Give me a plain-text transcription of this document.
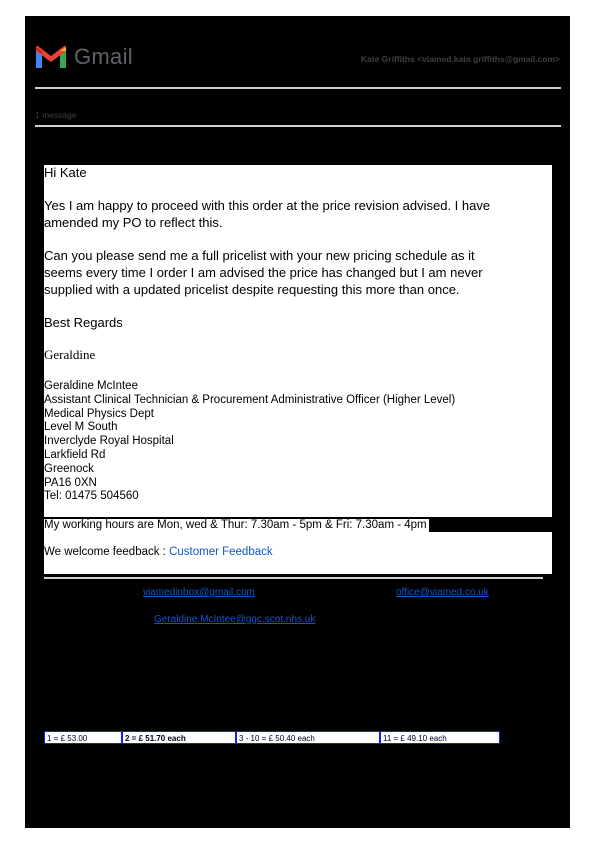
Gmail	Kate Griffiths <viamed.kate.griffiths@gmail.com>
1 message
Hi Kate
Yes I am happy to proceed with this order at the price revision advised. I have
amended my PO to reflect this.
Can you please send me a full pricelist with your new pricing schedule as it
seems every time I order I am advised the price has changed but I am never
supplied with a updated pricelist despite requesting this more than once.
Best Regards
Geraldine
Geraldine McIntee
Assistant Clinical Technician & Procurement Administrative Officer (Higher Level)
Medical Physics Dept
Level M South
Inverclyde Royal Hospital
Larkfield Rd
Greenock
PA16 0XN
Tel: 01475 504560
My working hours are Mon, wed & Thur: 7.30am - 5pm & Fri: 7.30am - 4pm
We welcome feedback : Customer Feedback
viamedinbox@gmail.com	office@viamed.co.uk
Geraldine.McIntee@ggc.scot.nhs.uk
1 = £ 53.00	2 = £ 51.70 each	3 - 10 = £ 50.40 each	11 = £ 49.10 each
